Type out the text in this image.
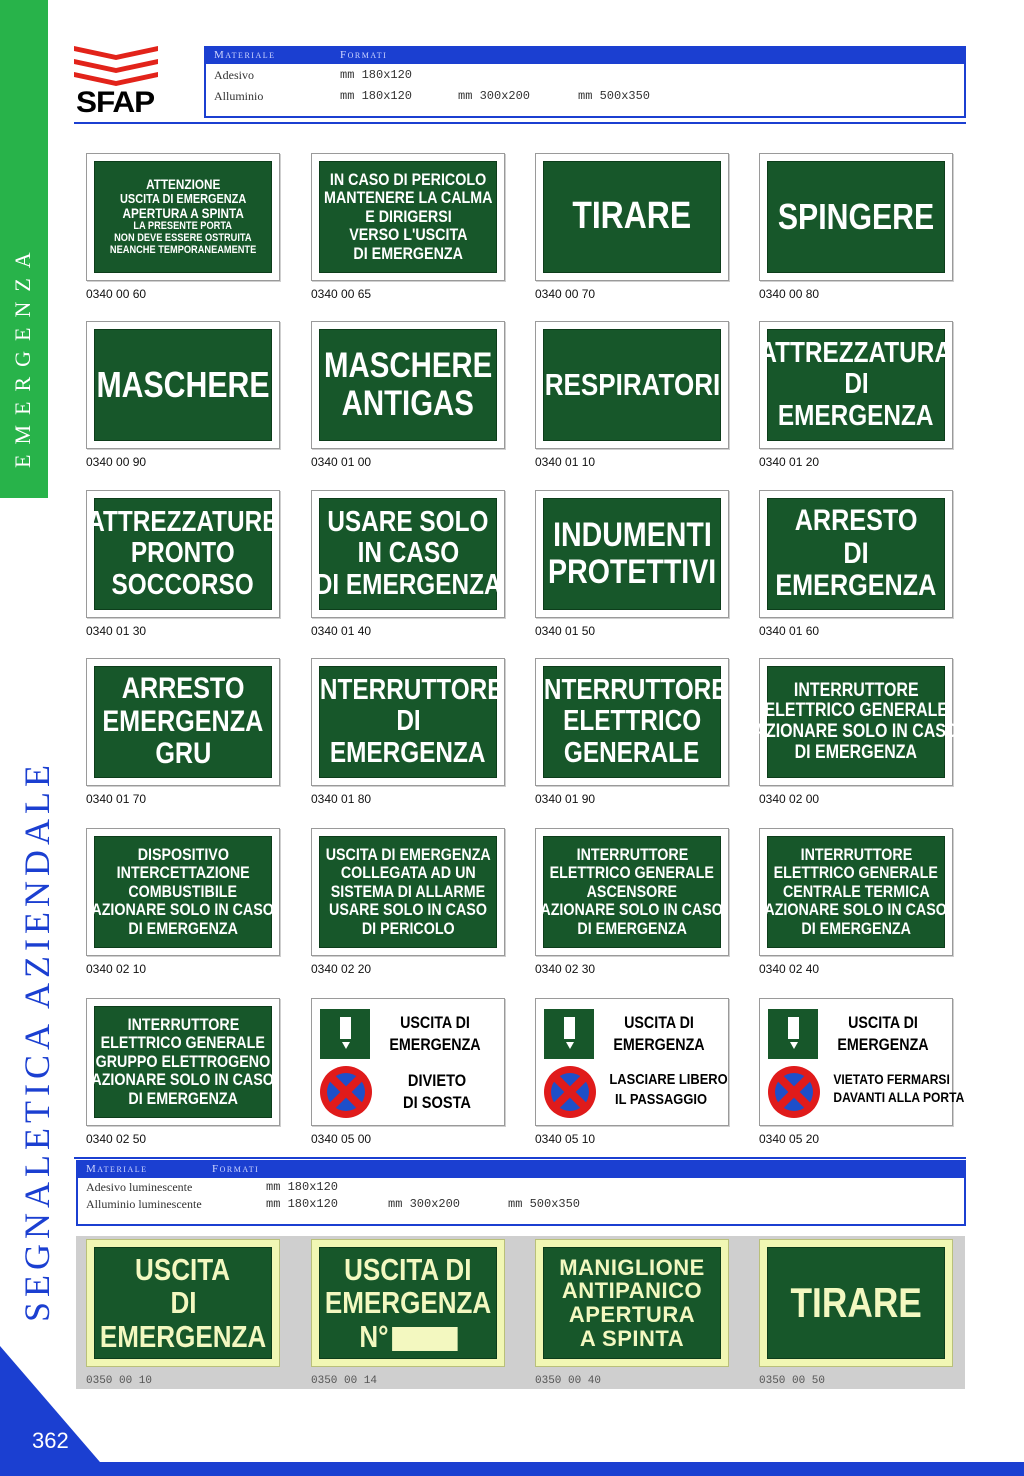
EMERGENZA
SEGNALETICA AZIENDALE
362
SFAP
Materiale	Formati
Adesivo	mm 180x120
Alluminio	mm 180x120	mm 300x200	mm 500x350
ATTENZIONE
USCITA DI EMERGENZA
APERTURA A SPINTA
LA PRESENTE PORTA
NON DEVE ESSERE OSTRUITA
NEANCHE TEMPORANEAMENTE
0340 00 60
IN CASO DI PERICOLO
MANTENERE LA CALMA
E DIRIGERSI
VERSO L'USCITA
DI EMERGENZA
0340 00 65
TIRARE
0340 00 70
SPINGERE
0340 00 80
MASCHERE
0340 00 90
MASCHERE
ANTIGAS
0340 01 00
RESPIRATORI
0340 01 10
ATTREZZATURA
DI
EMERGENZA
0340 01 20
ATTREZZATURE
PRONTO
SOCCORSO
0340 01 30
USARE SOLO
IN CASO
DI EMERGENZA
0340 01 40
INDUMENTI
PROTETTIVI
0340 01 50
ARRESTO
DI
EMERGENZA
0340 01 60
ARRESTO
EMERGENZA
GRU
0340 01 70
INTERRUTTORE
DI
EMERGENZA
0340 01 80
INTERRUTTORE
ELETTRICO
GENERALE
0340 01 90
INTERRUTTORE
ELETTRICO GENERALE
AZIONARE SOLO IN CASO
DI EMERGENZA
0340 02 00
DISPOSITIVO
INTERCETTAZIONE
COMBUSTIBILE
AZIONARE SOLO IN CASO
DI EMERGENZA
0340 02 10
USCITA DI EMERGENZA
COLLEGATA AD UN
SISTEMA DI ALLARME
USARE SOLO IN CASO
DI PERICOLO
0340 02 20
INTERRUTTORE
ELETTRICO GENERALE
ASCENSORE
AZIONARE SOLO IN CASO
DI EMERGENZA
0340 02 30
INTERRUTTORE
ELETTRICO GENERALE
CENTRALE TERMICA
AZIONARE SOLO IN CASO
DI EMERGENZA
0340 02 40
INTERRUTTORE
ELETTRICO GENERALE
GRUPPO ELETTROGENO
AZIONARE SOLO IN CASO
DI EMERGENZA
0340 02 50
USCITA DI
EMERGENZA
DIVIETO
DI SOSTA
0340 05 00
USCITA DI
EMERGENZA
LASCIARE LIBERO
IL PASSAGGIO
0340 05 10
USCITA DI
EMERGENZA
VIETATO FERMARSI
DAVANTI ALLA PORTA
0340 05 20
Materiale	Formati
Adesivo luminescente	mm 180x120
Alluminio luminescente	mm 180x120	mm 300x200	mm 500x350
USCITA
DI
EMERGENZA
0350 00 10
USCITA DI
EMERGENZA
N°
0350 00 14
MANIGLIONE
ANTIPANICO
APERTURA
A SPINTA
0350 00 40
TIRARE
0350 00 50
